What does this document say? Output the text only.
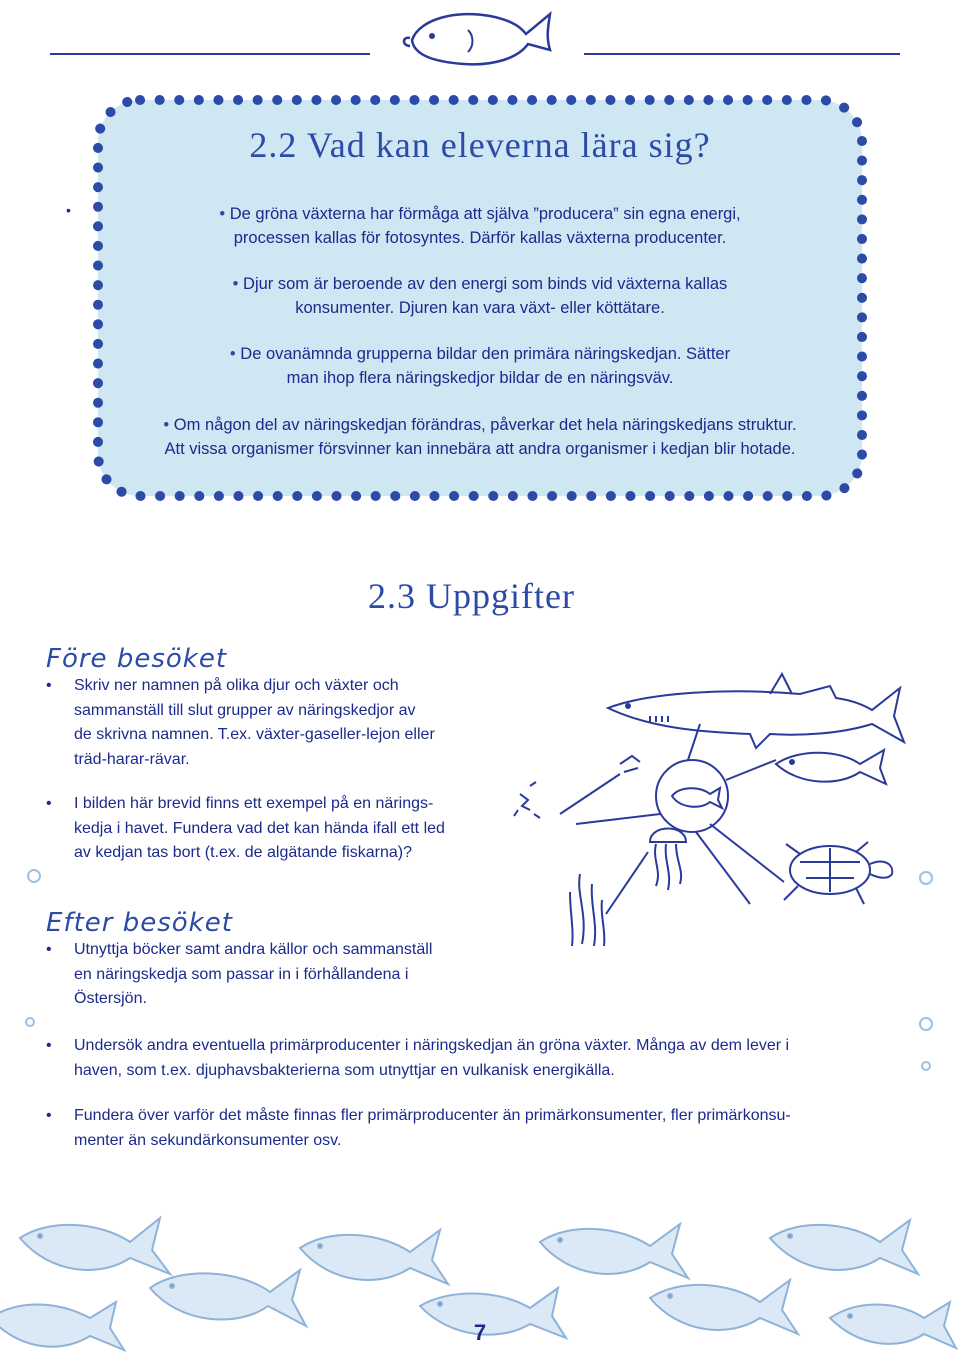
2.2 Vad kan eleverna lära sig?
•	• De gröna växterna har förmåga att själva ”producera” sin egna energi,
processen kallas för fotosyntes. Därför kallas växterna producenter.
• Djur som är beroende av den energi som binds vid växterna kallas
konsumenter. Djuren kan vara växt- eller köttätare.
• De ovanämnda grupperna bildar den primära näringskedjan. Sätter
man ihop flera näringskedjor bildar de en näringsväv.
• Om någon del av näringskedjan förändras, påverkar det hela näringskedjans struktur.
Att vissa organismer försvinner kan innebära att andra organismer i kedjan blir hotade.
2.3 Uppgifter
Före besöket
• Skriv ner namnen på olika djur och växter och
sammanställ till slut grupper av näringskedjor av
de skrivna namnen. T.ex. växter-gaseller-lejon eller
träd-harar-rävar.
• I bilden här brevid finns ett exempel på en närings-
kedja i havet. Fundera vad det kan hända ifall ett led
av kedjan tas bort (t.ex. de algätande fiskarna)?
Efter besöket
• Utnyttja böcker samt andra källor och sammanställ
en näringskedja som passar in i förhållandena i
Östersjön.
• Undersök andra eventuella primärproducenter i näringskedjan än gröna växter. Många av dem lever i
haven, som t.ex. djuphavsbakterierna som utnyttjar en vulkanisk energikälla.
• Fundera över varför det måste finnas fler primärproducenter än primärkonsumenter, fler primärkonsu-
menter än sekundärkonsumenter osv.
7
